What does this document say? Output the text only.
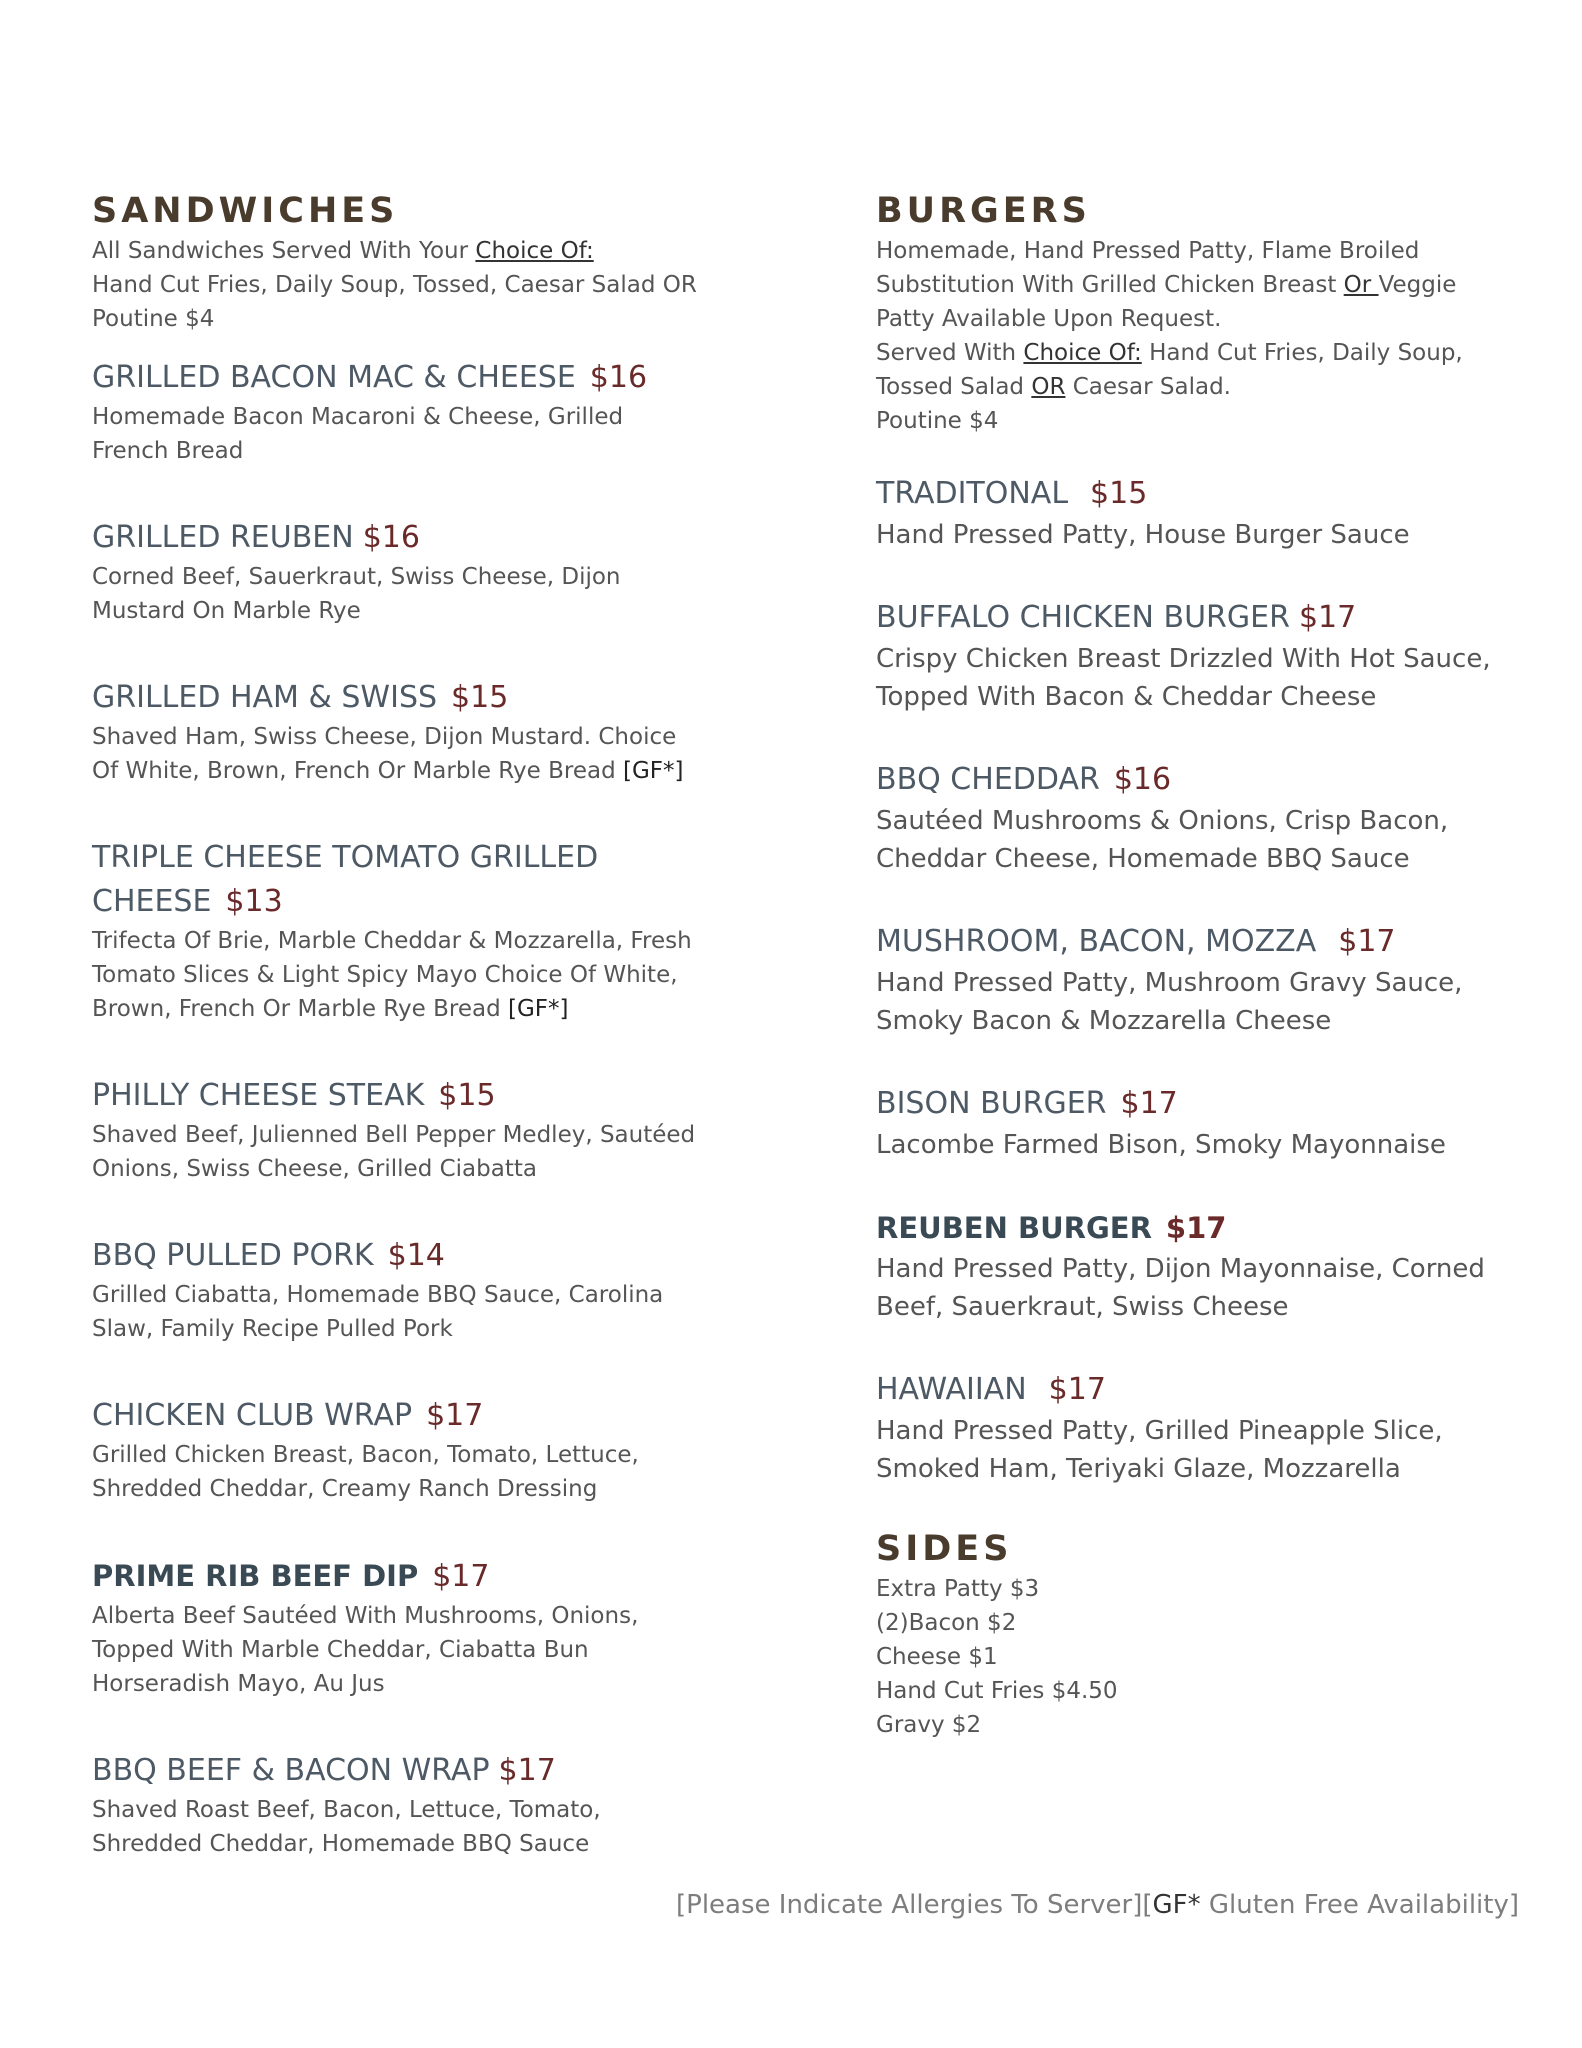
SANDWICHES

All Sandwiches Served With Your Choice Of:
Hand Cut Fries, Daily Soup, Tossed, Caesar Salad OR
Poutine $4

GRILLED BACON MAC & CHEESE $16

Homemade Bacon Macaroni & Cheese, Grilled
French Bread

GRILLED REUBEN $16

Corned Beef, Sauerkraut, Swiss Cheese, Dijon
Mustard On Marble Rye

GRILLED HAM & SWISS $15

Shaved Ham, Swiss Cheese, Dijon Mustard. Choice
Of White, Brown, French Or Marble Rye Bread [GF*]

TRIPLE CHEESE TOMATO GRILLED

CHEESE $13

Trifecta Of Brie, Marble Cheddar & Mozzarella, Fresh
Tomato Slices & Light Spicy Mayo Choice Of White,
Brown, French Or Marble Rye Bread [GF*]

PHILLY CHEESE STEAK $15

Shaved Beef, Julienned Bell Pepper Medley, Sautéed
Onions, Swiss Cheese, Grilled Ciabatta

BBQ PULLED PORK $14

Grilled Ciabatta, Homemade BBQ Sauce, Carolina
Slaw, Family Recipe Pulled Pork

CHICKEN CLUB WRAP $17

Grilled Chicken Breast, Bacon, Tomato, Lettuce,
Shredded Cheddar, Creamy Ranch Dressing

PRIME RIB BEEF DIP $17

Alberta Beef Sautéed With Mushrooms, Onions,
Topped With Marble Cheddar, Ciabatta Bun
Horseradish Mayo, Au Jus

BBQ BEEF & BACON WRAP $17

Shaved Roast Beef, Bacon, Lettuce, Tomato,
Shredded Cheddar, Homemade BBQ Sauce

BURGERS

Homemade, Hand Pressed Patty, Flame Broiled
Substitution With Grilled Chicken Breast Or Veggie
Patty Available Upon Request.
Served With Choice Of: Hand Cut Fries, Daily Soup,
Tossed Salad OR Caesar Salad.
Poutine $4

TRADITONAL $15

Hand Pressed Patty, House Burger Sauce

BUFFALO CHICKEN BURGER $17

Crispy Chicken Breast Drizzled With Hot Sauce,
Topped With Bacon & Cheddar Cheese

BBQ CHEDDAR $16

Sautéed Mushrooms & Onions, Crisp Bacon,
Cheddar Cheese, Homemade BBQ Sauce

MUSHROOM, BACON, MOZZA $17

Hand Pressed Patty, Mushroom Gravy Sauce,
Smoky Bacon & Mozzarella Cheese

BISON BURGER $17

Lacombe Farmed Bison, Smoky Mayonnaise

REUBEN BURGER $17

Hand Pressed Patty, Dijon Mayonnaise, Corned
Beef, Sauerkraut, Swiss Cheese

HAWAIIAN $17

Hand Pressed Patty, Grilled Pineapple Slice,
Smoked Ham, Teriyaki Glaze, Mozzarella

SIDES

Extra Patty $3
(2)Bacon $2
Cheese $1
Hand Cut Fries $4.50
Gravy $2

[Please Indicate Allergies To Server][GF* Gluten Free Availability]
